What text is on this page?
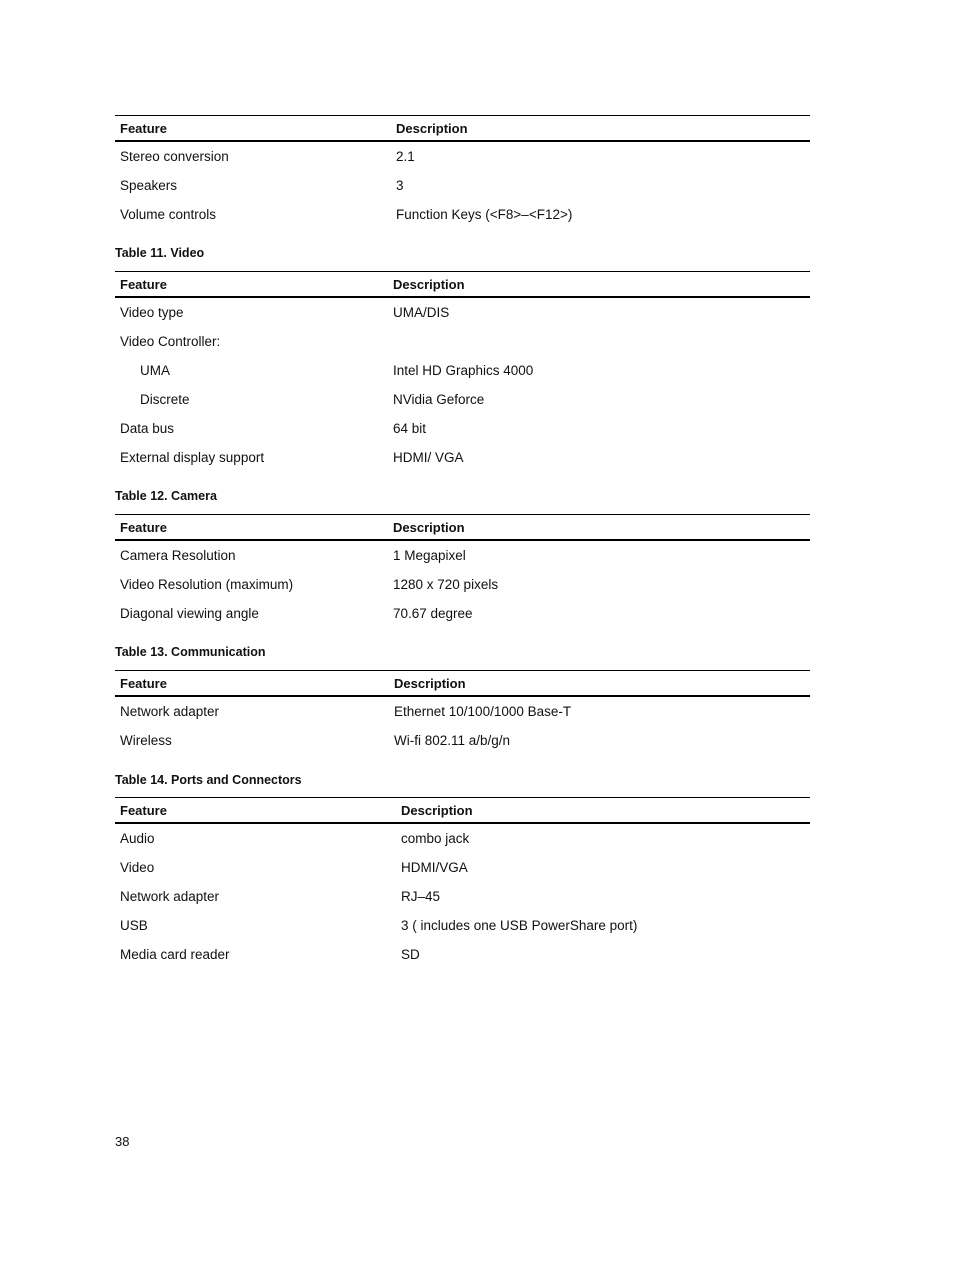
Feature	Description
Stereo conversion	2.1
Speakers	3
Volume controls	Function Keys (<F8>–<F12>)
Table 11. Video
Feature	Description
Video type	UMA/DIS
Video Controller:	
UMA	Intel HD Graphics 4000
Discrete	NVidia Geforce
Data bus	64 bit
External display support	HDMI/ VGA
Table 12. Camera
Feature	Description
Camera Resolution	1 Megapixel
Video Resolution (maximum)	1280 x 720 pixels
Diagonal viewing angle	70.67 degree
Table 13. Communication
Feature	Description
Network adapter	Ethernet 10/100/1000 Base-T
Wireless	Wi-fi 802.11 a/b/g/n
Table 14. Ports and Connectors
Feature	Description
Audio	combo jack
Video	HDMI/VGA
Network adapter	RJ–45
USB	3 ( includes one USB PowerShare port)
Media card reader	SD
38
